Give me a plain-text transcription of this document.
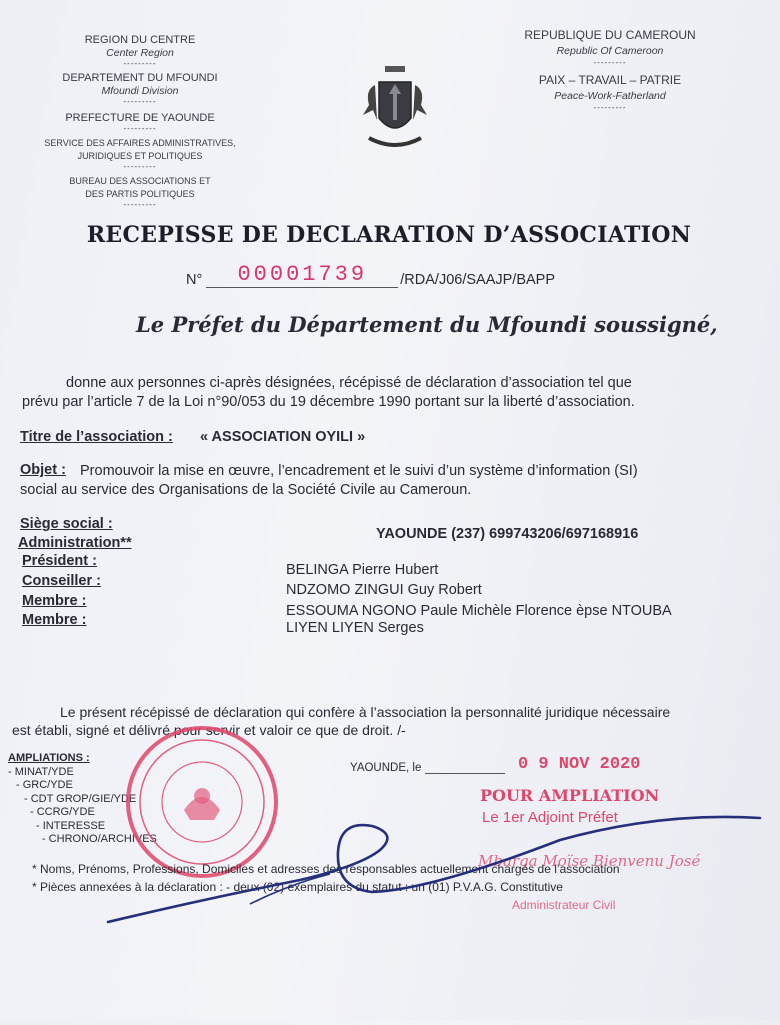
REGION DU CENTRE
Center Region
---------
DEPARTEMENT DU MFOUNDI
Mfoundi Division
---------
PREFECTURE DE YAOUNDE
---------
SERVICE DES AFFAIRES ADMINISTRATIVES,
JURIDIQUES ET POLITIQUES
---------
BUREAU DES ASSOCIATIONS ET
DES PARTIS POLITIQUES
---------
REPUBLIQUE DU CAMEROUN
Republic Of Cameroon
---------
PAIX – TRAVAIL – PATRIE
Peace-Work-Fatherland
---------
RECEPISSE DE DECLARATION D’ASSOCIATION
N°	00001739	/RDA/J06/SAAJP/BAPP
Le Préfet du Département du Mfoundi soussigné,
donne aux personnes ci-après désignées, récépissé de déclaration d’association tel que
prévu par l’article 7 de la Loi n°90/053 du 19 décembre 1990 portant sur la liberté d’association.
Titre de l’association : « ASSOCIATION OYILI »
Objet : Promouvoir la mise en œuvre, l’encadrement et le suivi d’un système d’information (SI)
social au service des Organisations de la Société Civile au Cameroun.
Siège social :
YAOUNDE (237) 699743206/697168916
Administration**
Président :
BELINGA Pierre Hubert
Conseiller :
NDZOMO ZINGUI Guy Robert
Membre :
ESSOUMA NGONO Paule Michèle Florence èpse NTOUBA
Membre :	LIYEN LIYEN Serges
Le présent récépissé de déclaration qui confère à l’association la personnalité juridique nécessaire
est établi, signé et délivré pour servir et valoir ce que de droit. /-
AMPLIATIONS :
- MINAT/YDE
- GRC/YDE
- CDT GROP/GIE/YDE
- CCRG/YDE
- INTERESSE
- CHRONO/ARCHIVES
YAOUNDE, le	0 9 NOV 2020
POUR AMPLIATION
Le 1er Adjoint Préfet
Mbarga Moïse Bienvenu José
Administrateur Civil
* Noms, Prénoms, Professions, Domiciles et adresses des responsables actuellement chargés de l’association
* Pièces annexées à la déclaration : - deux (02) exemplaires du statut : un (01) P.V.A.G. Constitutive
